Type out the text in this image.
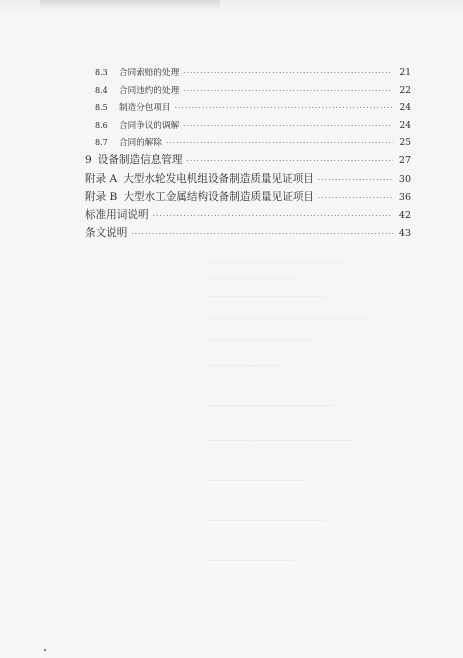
8.3	合同索赔的处理 ·····	21
8.4	合同违约的处理 ·····	22
8.5	制造分包项目 ·····	24
8.6	合同争议的调解 ·····	24
8.7	合同的解除 ·····	25
9 设备制造信息管理 ·····	27
附录 A 大型水轮发电机组设备制造质量见证项目 ·····	30
附录 B 大型水工金属结构设备制造质量见证项目 ·····	36
标准用词说明 ·····	42
条文说明 ·····	43
